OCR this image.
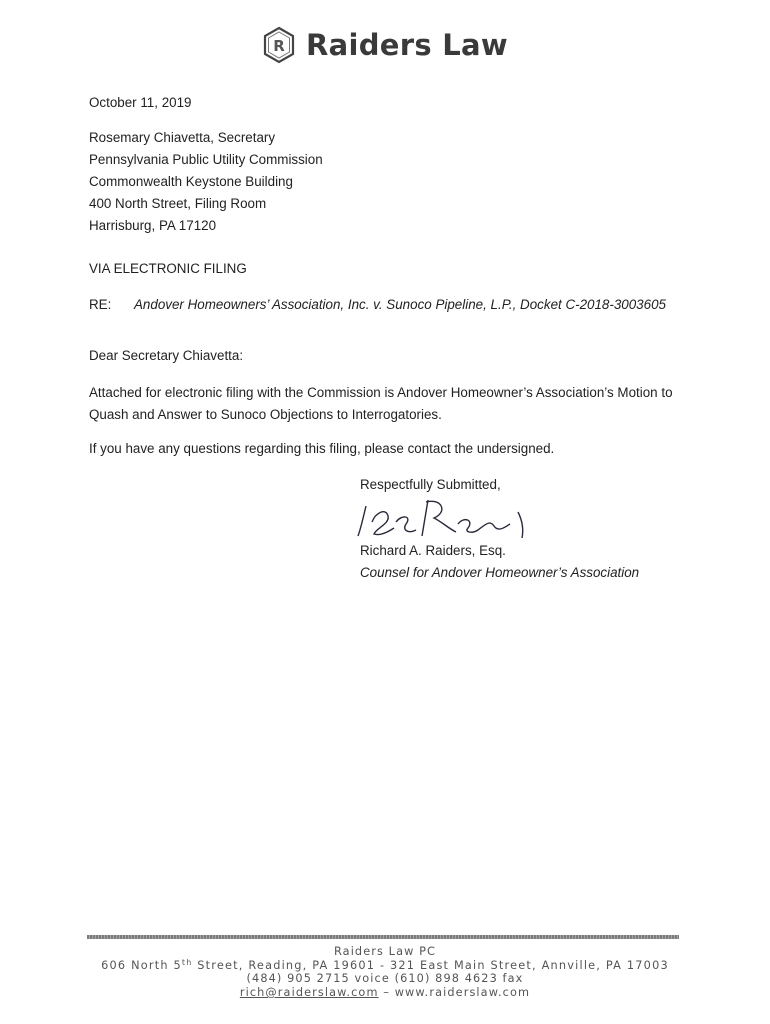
R Raiders Law
October 11, 2019
Rosemary Chiavetta, Secretary
Pennsylvania Public Utility Commission
Commonwealth Keystone Building
400 North Street, Filing Room
Harrisburg, PA 17120
VIA ELECTRONIC FILING
RE:	Andover Homeowners’ Association, Inc. v. Sunoco Pipeline, L.P., Docket C-2018-3003605
Dear Secretary Chiavetta:
Attached for electronic filing with the Commission is Andover Homeowner’s Association’s Motion to Quash and Answer to Sunoco Objections to Interrogatories.
If you have any questions regarding this filing, please contact the undersigned.
Respectfully Submitted,
Richard A. Raiders, Esq.
Counsel for Andover Homeowner’s Association
Raiders Law PC
606 North 5th Street, Reading, PA 19601 - 321 East Main Street, Annville, PA 17003
(484) 905 2715 voice (610) 898 4623 fax
rich@raiderslaw.com – www.raiderslaw.com
